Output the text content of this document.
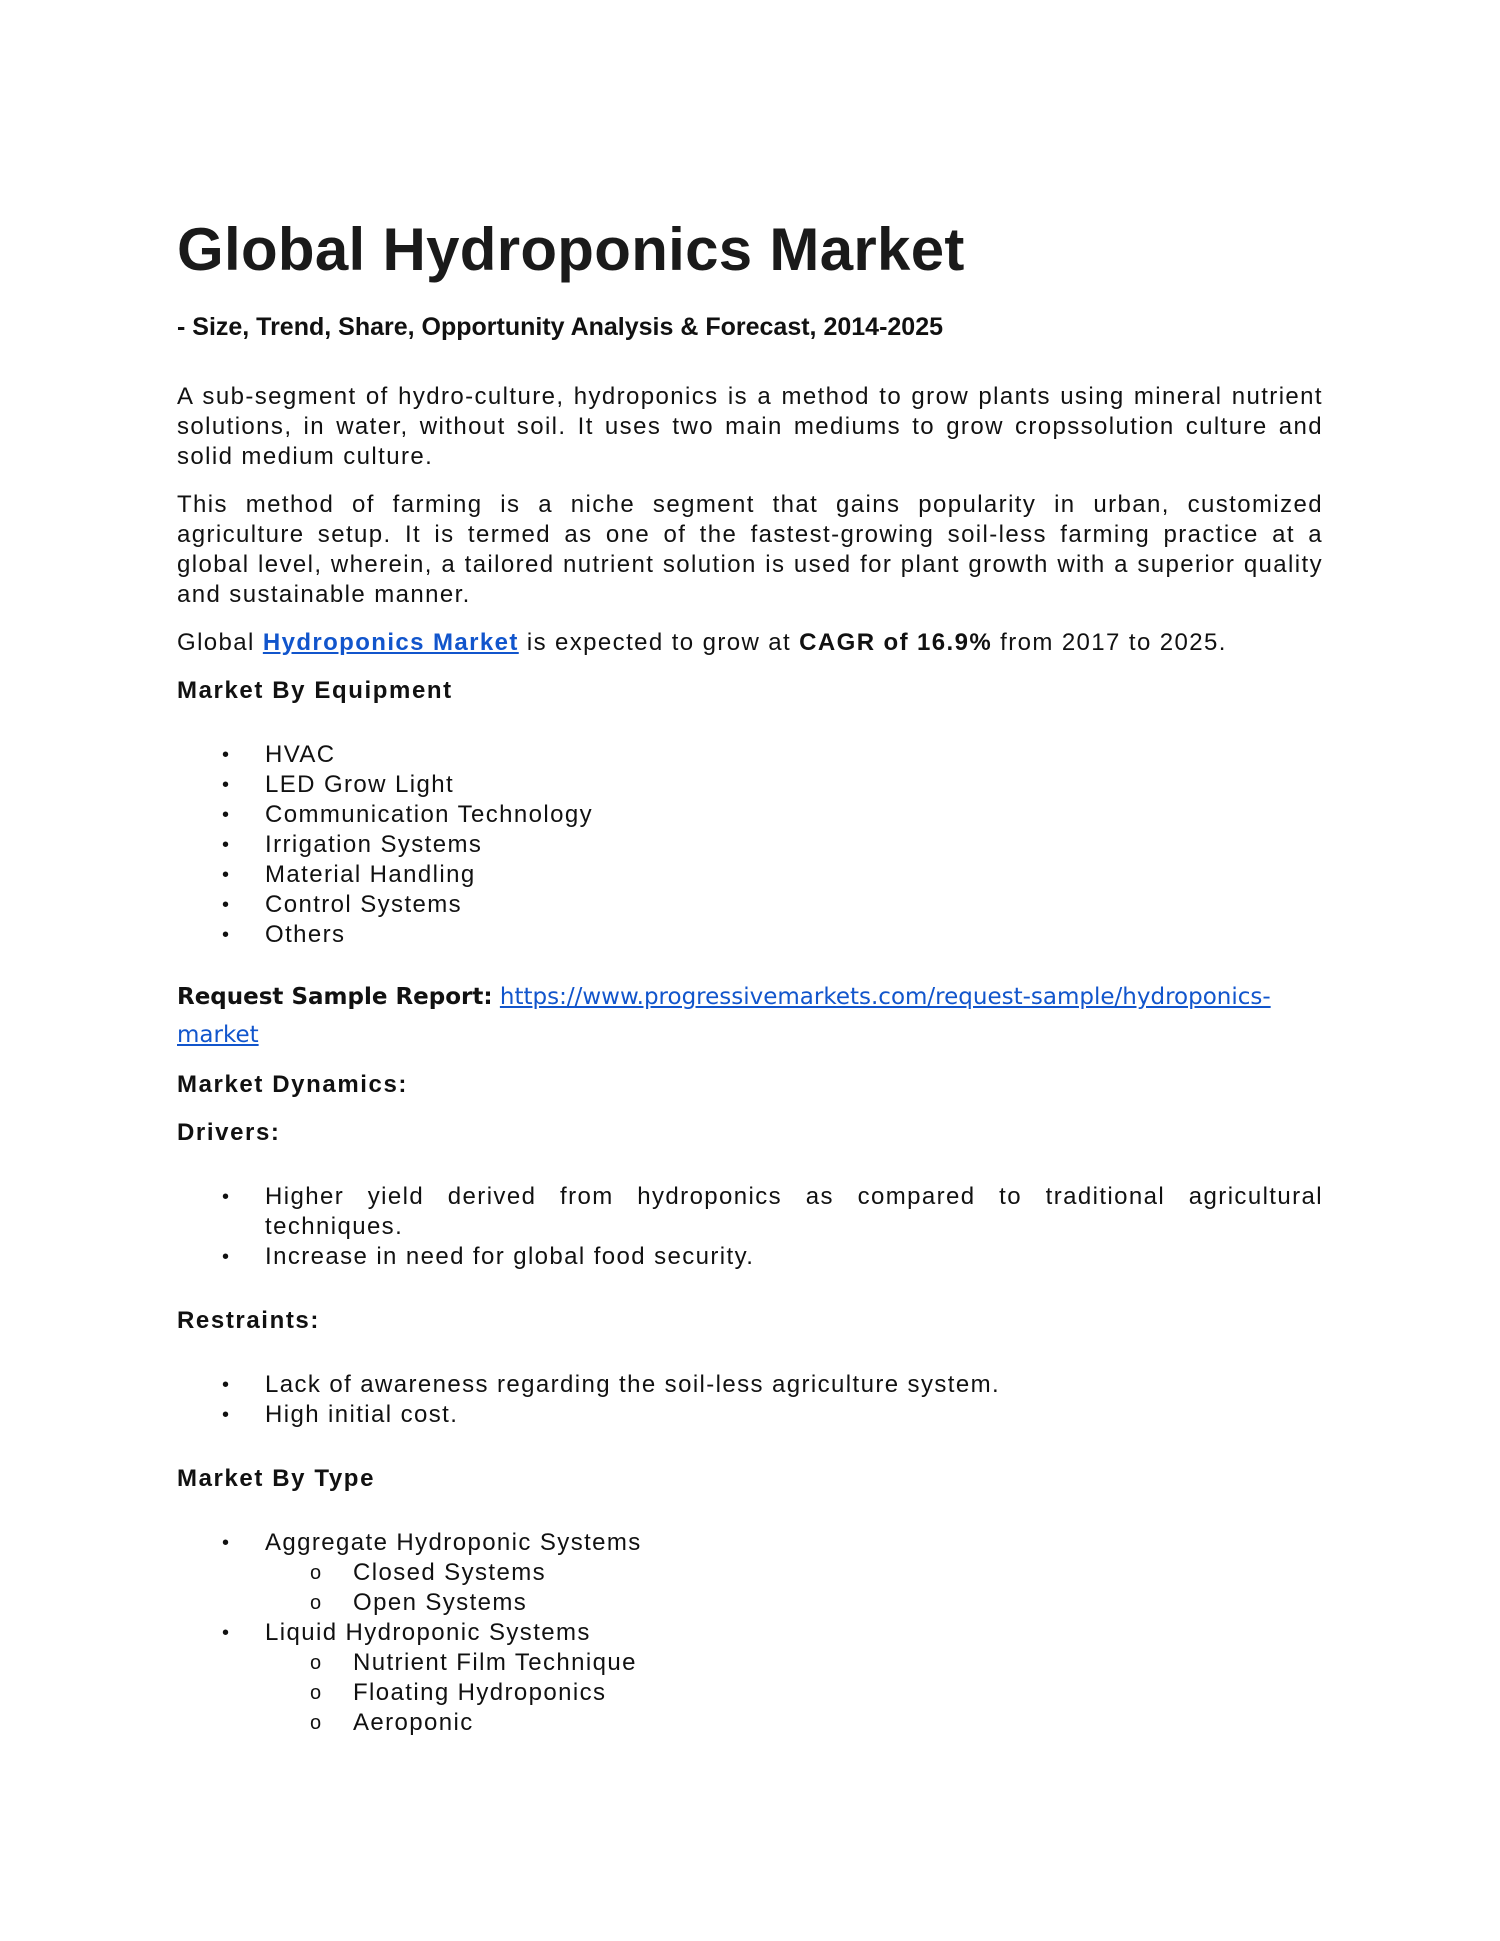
Global Hydroponics Market
- Size, Trend, Share, Opportunity Analysis & Forecast, 2014-2025

A sub-segment of hydro-culture, hydroponics is a method to grow plants using mineral nutrient solutions, in water, without soil. It uses two main mediums to grow cropssolution culture and solid medium culture.

This method of farming is a niche segment that gains popularity in urban, customized agriculture setup. It is termed as one of the fastest-growing soil-less farming practice at a global level, wherein, a tailored nutrient solution is used for plant growth with a superior quality and sustainable manner.

Global Hydroponics Market is expected to grow at CAGR of 16.9% from 2017 to 2025.

Market By Equipment
• HVAC
• LED Grow Light
• Communication Technology
• Irrigation Systems
• Material Handling
• Control Systems
• Others

Request Sample Report: https://www.progressivemarkets.com/request-sample/hydroponics-
market

Market Dynamics:
Drivers:
• Higher yield derived from hydroponics as compared to traditional agricultural techniques.
• Increase in need for global food security.
Restraints:
• Lack of awareness regarding the soil-less agriculture system.
• High initial cost.
Market By Type
• Aggregate Hydroponic Systems
o Closed Systems
o Open Systems
• Liquid Hydroponic Systems
o Nutrient Film Technique
o Floating Hydroponics
o Aeroponic
